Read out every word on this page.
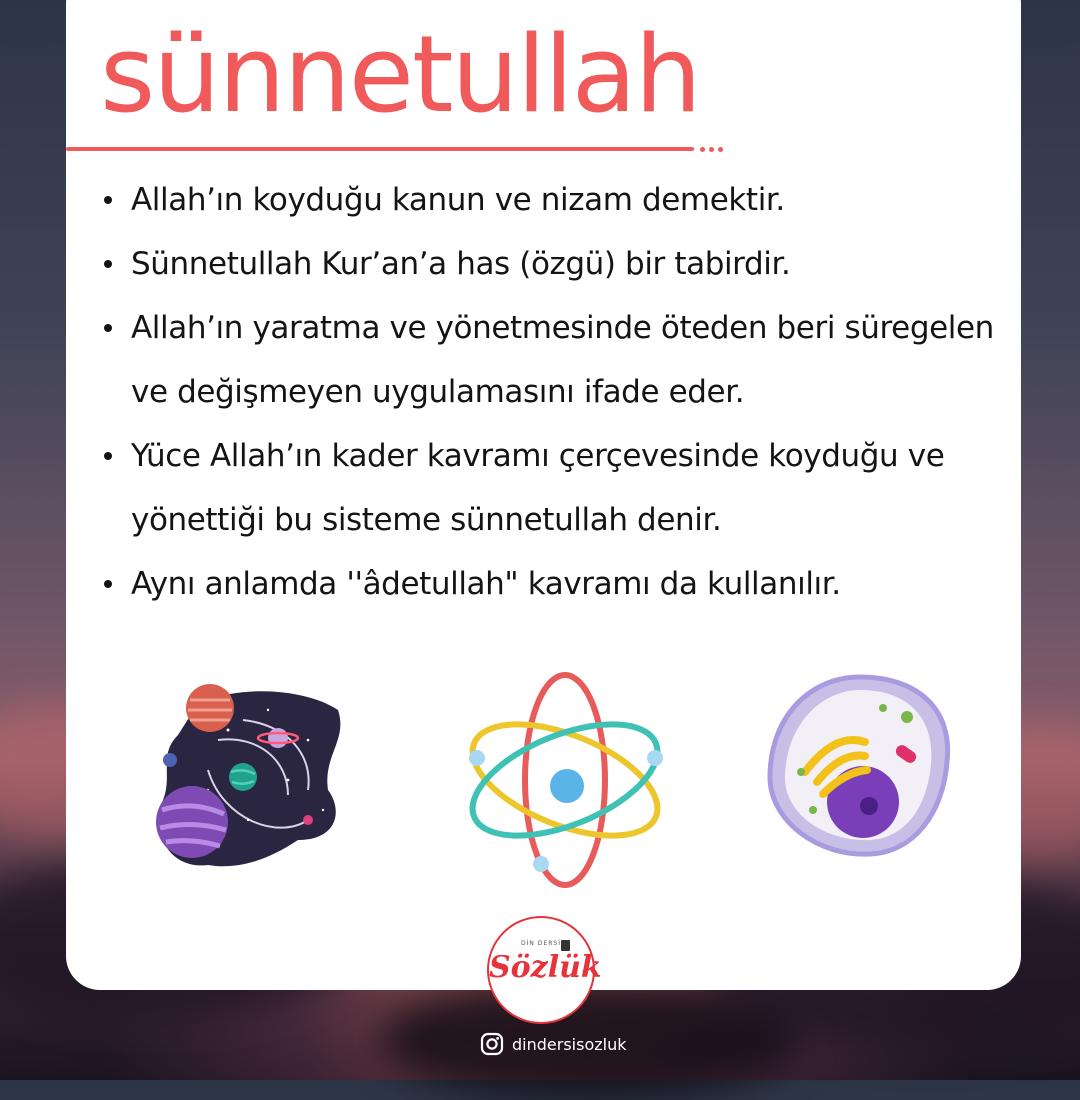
sünnetullah
Allah’ın koyduğu kanun ve nizam demektir.
Sünnetullah Kur’an’a has (özgü) bir tabirdir.
Allah’ın yaratma ve yönetmesinde öteden beri süregelen ve değişmeyen uygulamasını ifade eder.
Yüce Allah’ın kader kavramı çerçevesinde koyduğu ve yönettiği bu sisteme sünnetullah denir.
Aynı anlamda ''âdetullah" kavramı da kullanılır.
DİN DERSİ
Sözlük
dindersisozluk
